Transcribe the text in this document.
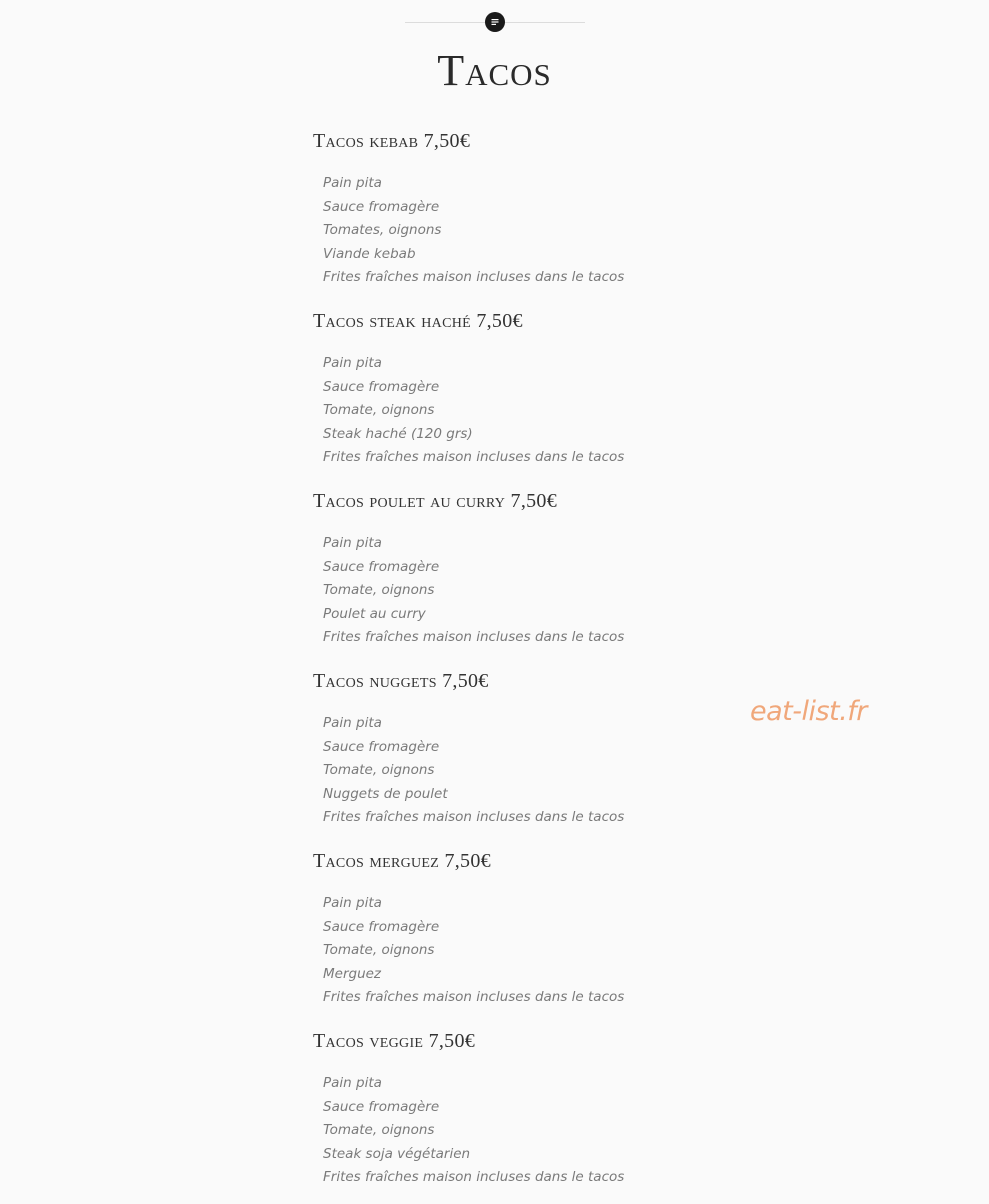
Tacos
Tacos kebab 7,50€
Pain pita
Sauce fromagère
Tomates, oignons
Viande kebab
Frites fraîches maison incluses dans le tacos
Tacos steak haché 7,50€
Pain pita
Sauce fromagère
Tomate, oignons
Steak haché (120 grs)
Frites fraîches maison incluses dans le tacos
Tacos poulet au curry 7,50€
Pain pita
Sauce fromagère
Tomate, oignons
Poulet au curry
Frites fraîches maison incluses dans le tacos
Tacos nuggets 7,50€
Pain pita
Sauce fromagère
Tomate, oignons
Nuggets de poulet
Frites fraîches maison incluses dans le tacos
Tacos merguez 7,50€
Pain pita
Sauce fromagère
Tomate, oignons
Merguez
Frites fraîches maison incluses dans le tacos
Tacos veggie 7,50€
Pain pita
Sauce fromagère
Tomate, oignons
Steak soja végétarien
Frites fraîches maison incluses dans le tacos
eat-list.fr
